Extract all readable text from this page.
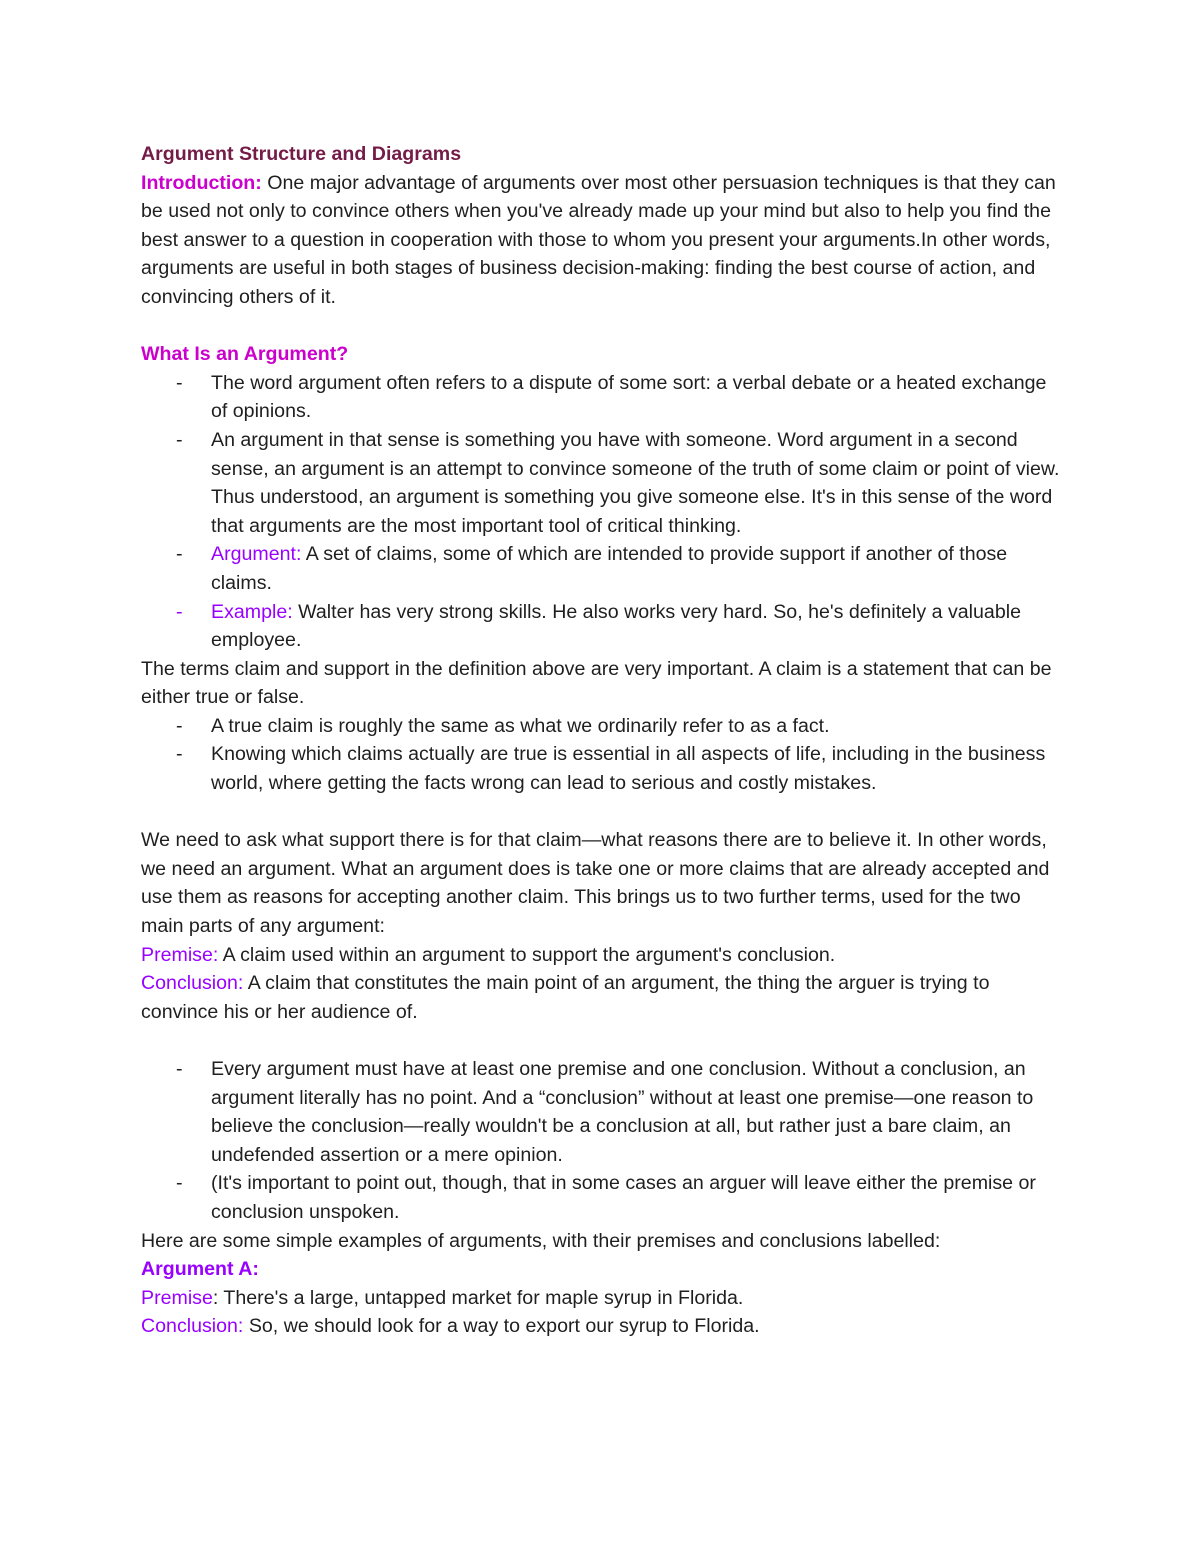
Argument Structure and Diagrams

Introduction: One major advantage of arguments over most other persuasion techniques is that they can be used not only to convince others when you've already made up your mind but also to help you find the best answer to a question in cooperation with those to whom you present your arguments.In other words, arguments are useful in both stages of business decision-making: finding the best course of action, and convincing others of it.

What Is an Argument?
- The word argument often refers to a dispute of some sort: a verbal debate or a heated exchange of opinions.
- An argument in that sense is something you have with someone. Word argument in a second sense, an argument is an attempt to convince someone of the truth of some claim or point of view. Thus understood, an argument is something you give someone else. It's in this sense of the word that arguments are the most important tool of critical thinking.
- Argument: A set of claims, some of which are intended to provide support if another of those claims.
- Example: Walter has very strong skills. He also works very hard. So, he's definitely a valuable employee.

The terms claim and support in the definition above are very important. A claim is a statement that can be either true or false.

- A true claim is roughly the same as what we ordinarily refer to as a fact.
- Knowing which claims actually are true is essential in all aspects of life, including in the business world, where getting the facts wrong can lead to serious and costly mistakes.

We need to ask what support there is for that claim—what reasons there are to believe it. In other words, we need an argument. What an argument does is take one or more claims that are already accepted and use them as reasons for accepting another claim. This brings us to two further terms, used for the two main parts of any argument:

Premise: A claim used within an argument to support the argument's conclusion.

Conclusion: A claim that constitutes the main point of an argument, the thing the arguer is trying to convince his or her audience of.

- Every argument must have at least one premise and one conclusion. Without a conclusion, an argument literally has no point. And a “conclusion” without at least one premise—one reason to believe the conclusion—really wouldn't be a conclusion at all, but rather just a bare claim, an undefended assertion or a mere opinion.
- (It's important to point out, though, that in some cases an arguer will leave either the premise or conclusion unspoken.

Here are some simple examples of arguments, with their premises and conclusions labelled:

Argument A:

Premise: There's a large, untapped market for maple syrup in Florida.

Conclusion: So, we should look for a way to export our syrup to Florida.
